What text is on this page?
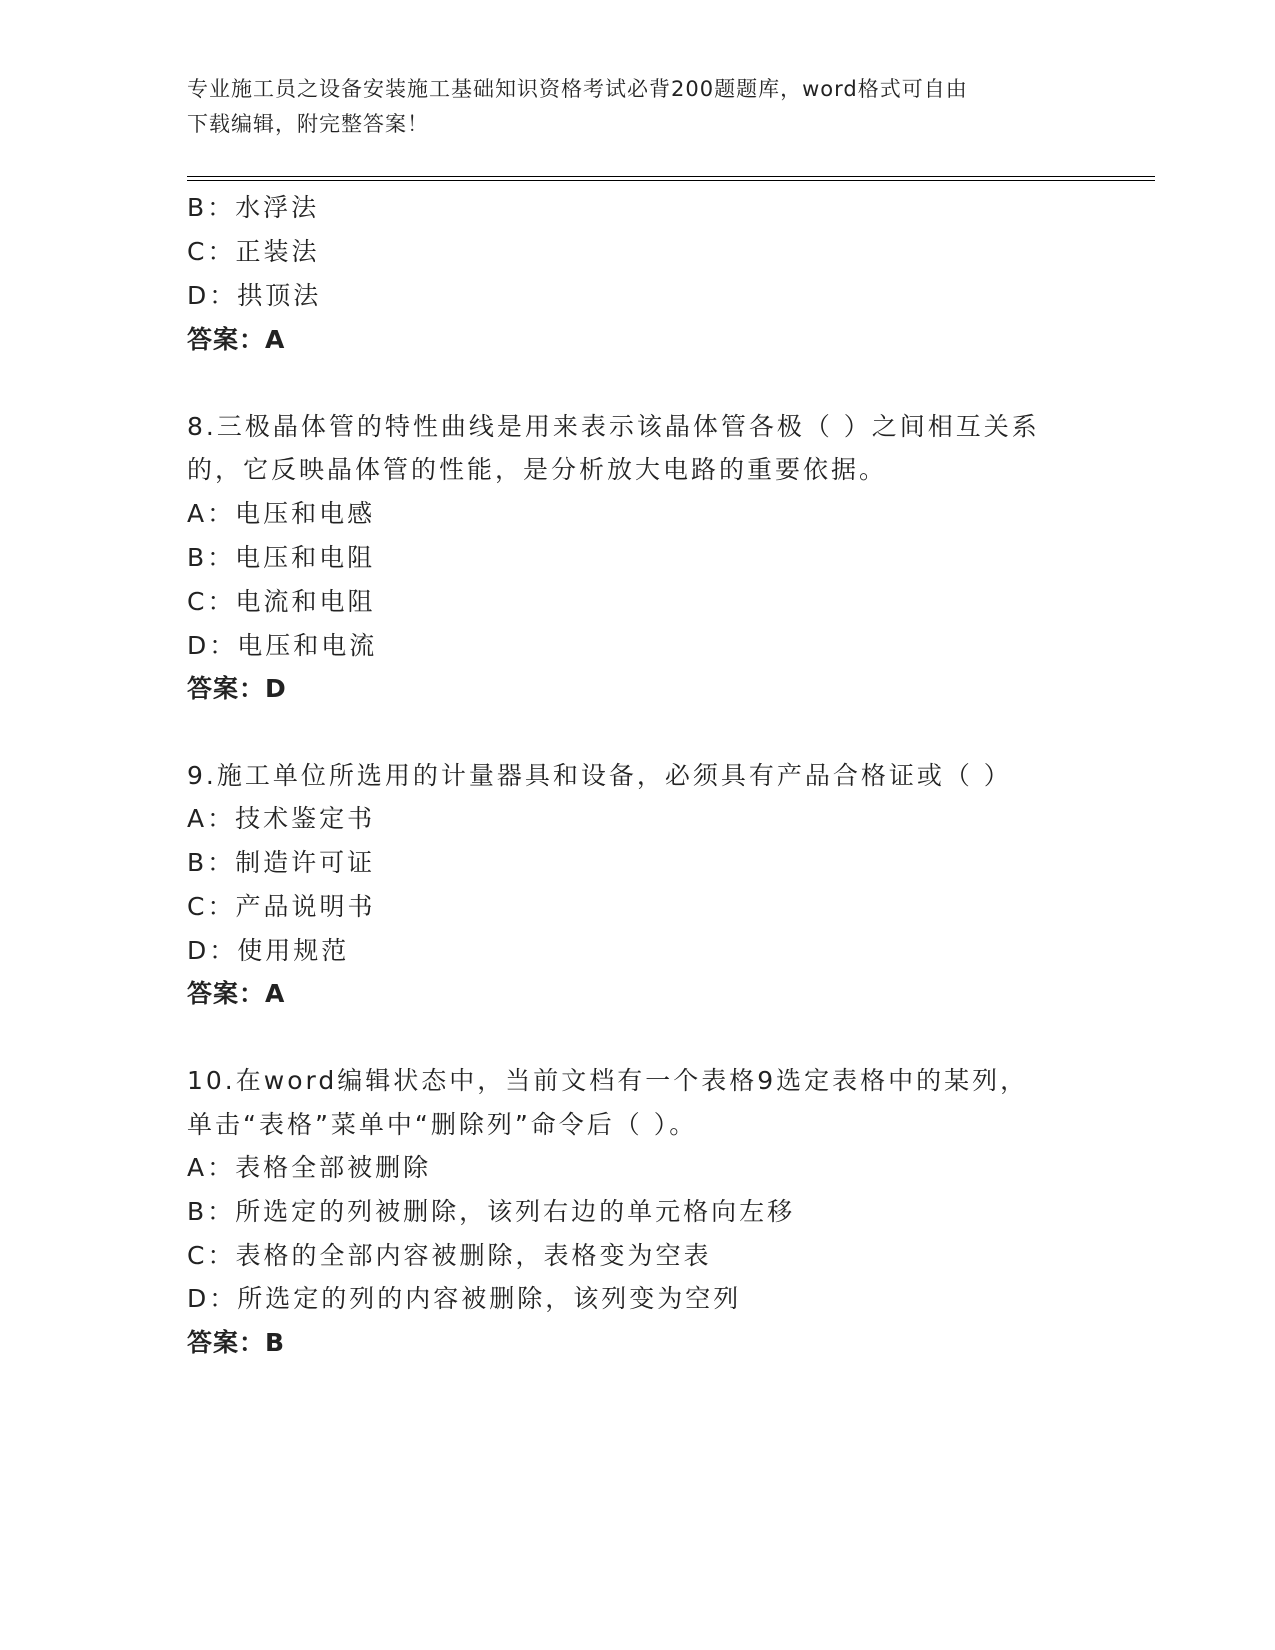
专业施工员之设备安装施工基础知识资格考试必背200题题库，word格式可自由
下载编辑，附完整答案！
B：水浮法
C：正装法
D：拱顶法
答案：A
8.三极晶体管的特性曲线是用来表示该晶体管各极（ ）之间相互关系
的，它反映晶体管的性能，是分析放大电路的重要依据。
A：电压和电感
B：电压和电阻
C：电流和电阻
D：电压和电流
答案：D
9.施工单位所选用的计量器具和设备，必须具有产品合格证或（ ）
A：技术鉴定书
B：制造许可证
C：产品说明书
D：使用规范
答案：A
10.在word编辑状态中，当前文档有一个表格9选定表格中的某列，
单击“表格”菜单中“删除列”命令后（ ）。
A：表格全部被删除
B：所选定的列被删除，该列右边的单元格向左移
C：表格的全部内容被删除，表格变为空表
D：所选定的列的内容被删除，该列变为空列
答案：B
